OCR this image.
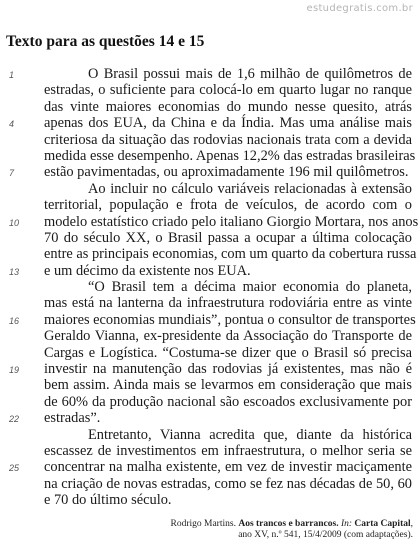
estudegratis.com.br
Texto para as questões 14 e 15
1	O Brasil possui mais de 1,6 milhão de quilômetros de
estradas, o suficiente para colocá-lo em quarto lugar no ranque
das vinte maiores economias do mundo nesse quesito, atrás
4 apenas dos EUA, da China e da Índia. Mas uma análise mais
criteriosa da situação das rodovias nacionais trata com a devida
medida esse desempenho. Apenas 12,2% das estradas brasileiras
7 estão pavimentadas, ou aproximadamente 196 mil quilômetros.
Ao incluir no cálculo variáveis relacionadas à extensão
territorial, população e frota de veículos, de acordo com o
10 modelo estatístico criado pelo italiano Giorgio Mortara, nos anos
70 do século XX, o Brasil passa a ocupar a última colocação
entre as principais economias, com um quarto da cobertura russa
13 e um décimo da existente nos EUA.
“O Brasil tem a décima maior economia do planeta,
mas está na lanterna da infraestrutura rodoviária entre as vinte
16 maiores economias mundiais”, pontua o consultor de transportes
Geraldo Vianna, ex-presidente da Associação do Transporte de
Cargas e Logística. “Costuma-se dizer que o Brasil só precisa
19 investir na manutenção das rodovias já existentes, mas não é
bem assim. Ainda mais se levarmos em consideração que mais
de 60% da produção nacional são escoados exclusivamente por
22 estradas”.
Entretanto, Vianna acredita que, diante da histórica
escassez de investimentos em infraestrutura, o melhor seria se
25 concentrar na malha existente, em vez de investir maciçamente
na criação de novas estradas, como se fez nas décadas de 50, 60
e 70 do último século.
Rodrigo Martins. Aos trancos e barrancos. In: Carta Capital,
ano XV, n.º 541, 15/4/2009 (com adaptações).
